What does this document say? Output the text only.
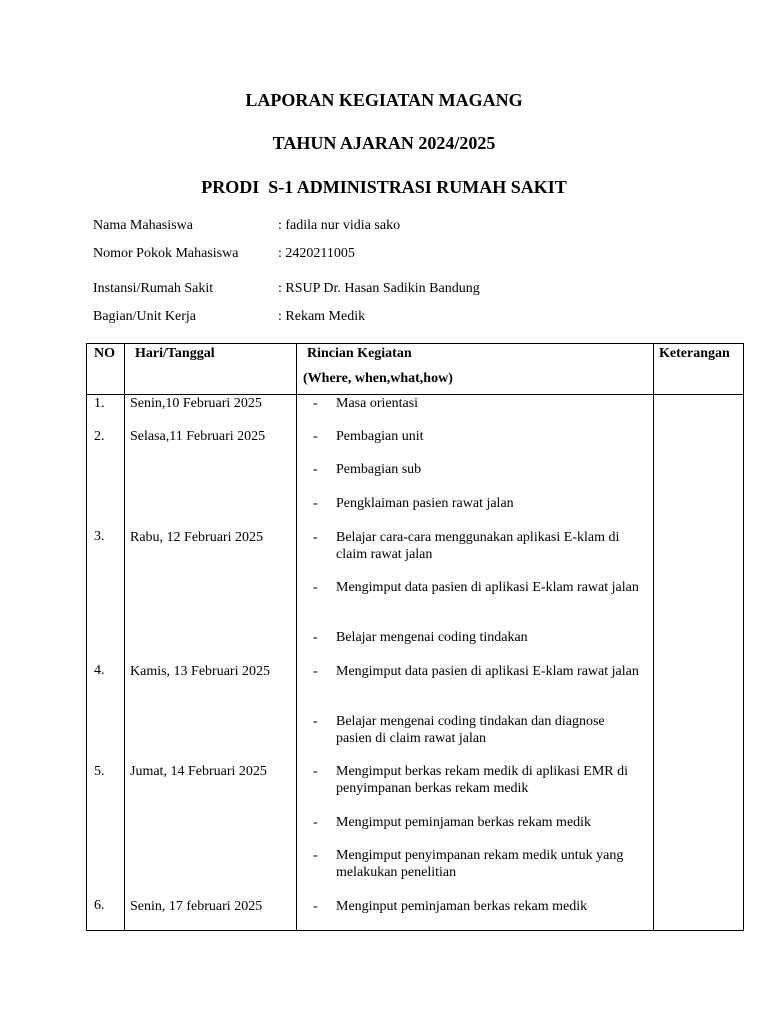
LAPORAN KEGIATAN MAGANG
TAHUN AJARAN 2024/2025
PRODI  S-1 ADMINISTRASI RUMAH SAKIT
Nama Mahasiswa	: fadila nur vidia sako
Nomor Pokok Mahasiswa	: 2420211005
Instansi/Rumah Sakit	: RSUP Dr. Hasan Sadikin Bandung
Bagian/Unit Kerja	: Rekam Medik
NO Hari/Tanggal	Rincian Kegiatan
(Where, when,what,how)
Keterangan
1. Senin,10 Februari 2025	- Masa orientasi
2. Selasa,11 Februari 2025	- Pembagian unit
- Pembagian sub
- Pengklaiman pasien rawat jalan
3. Rabu, 12 Februari 2025	- Belajar cara-cara menggunakan aplikasi E-klam di claim rawat jalan
- Mengimput data pasien di aplikasi E-klam rawat jalan
- Belajar mengenai coding tindakan
4. Kamis, 13 Februari 2025	- Mengimput data pasien di aplikasi E-klam rawat jalan
- Belajar mengenai coding tindakan dan diagnose pasien di claim rawat jalan
5. Jumat, 14 Februari 2025	- Mengimput berkas rekam medik di aplikasi EMR di penyimpanan berkas rekam medik
- Mengimput peminjaman berkas rekam medik
- Mengimput penyimpanan rekam medik untuk yang melakukan penelitian
6. Senin, 17 februari 2025	- Menginput peminjaman berkas rekam medik
